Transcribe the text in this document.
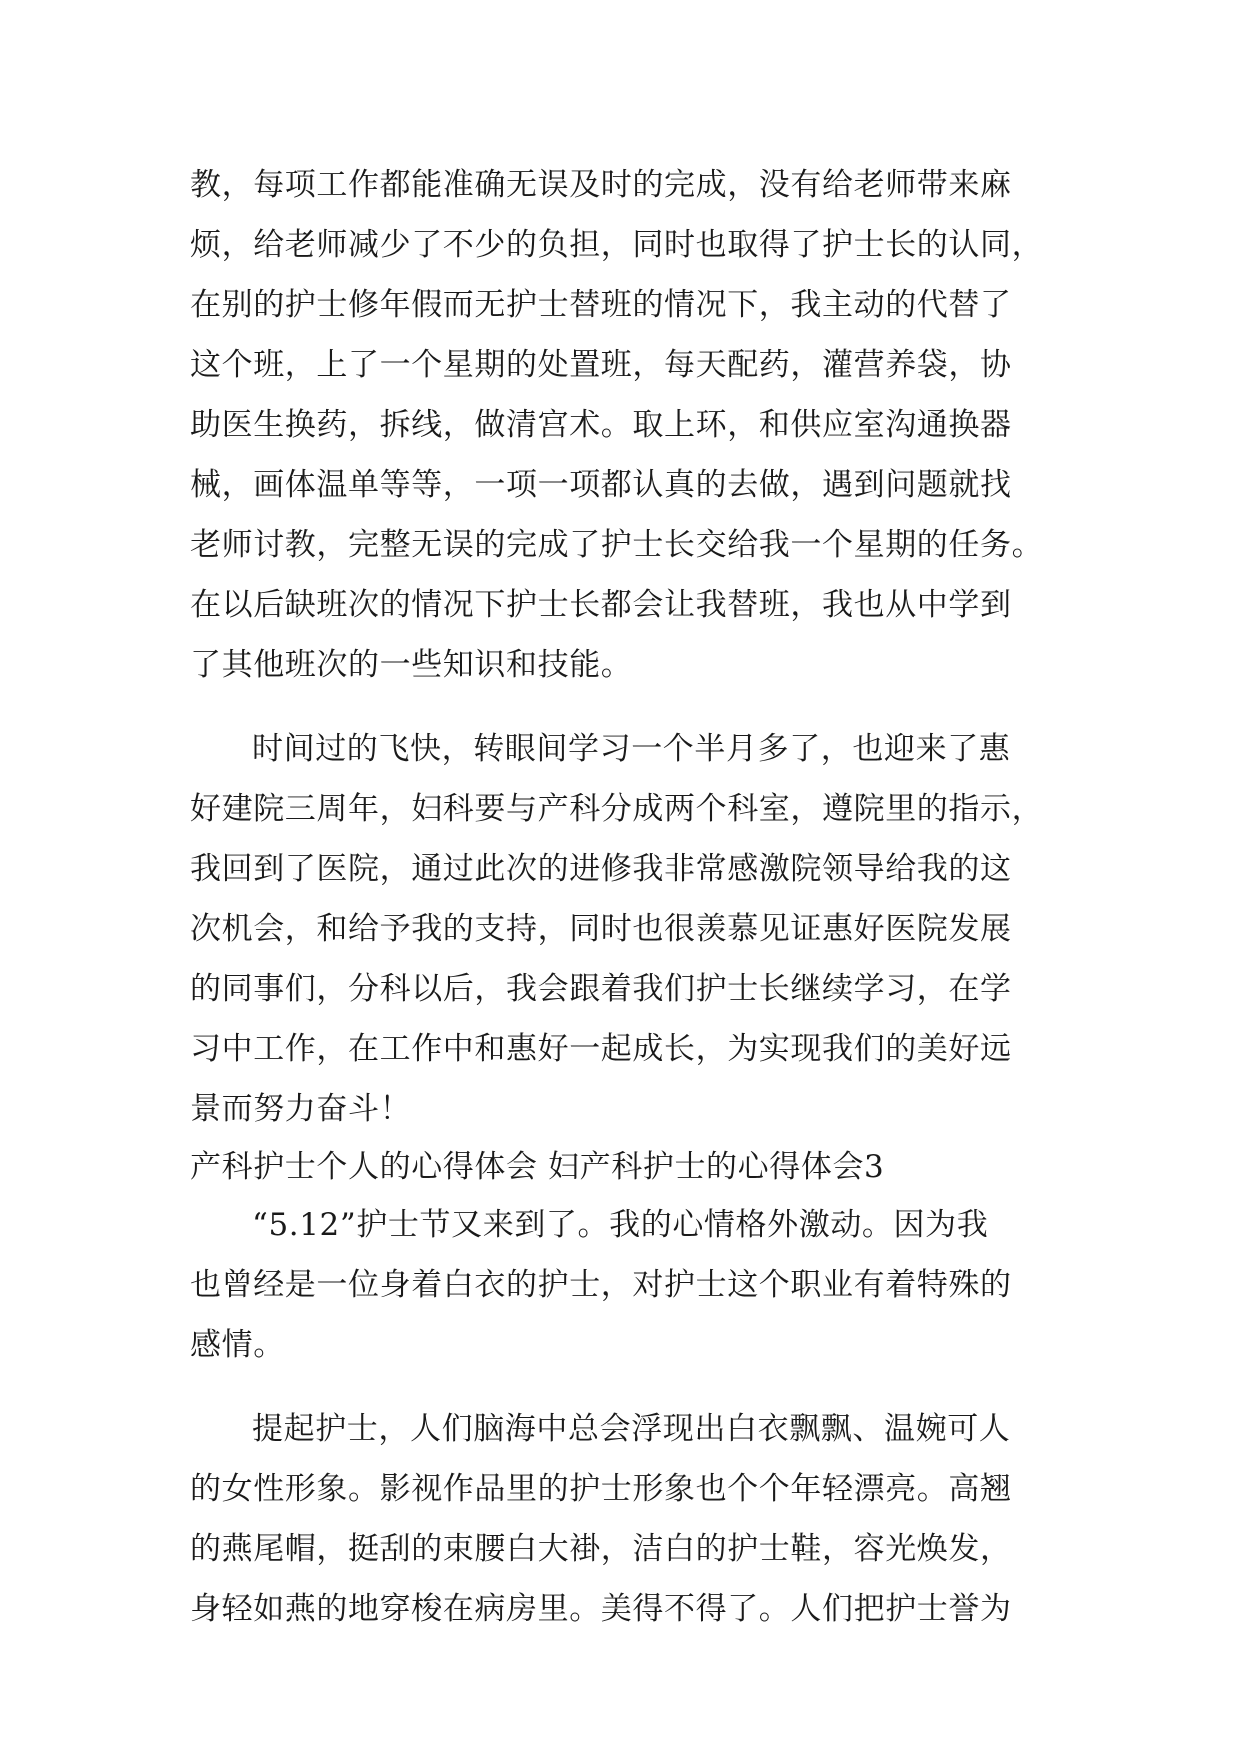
教，每项工作都能准确无误及时的完成，没有给老师带来麻
烦，给老师减少了不少的负担，同时也取得了护士长的认同，
在别的护士修年假而无护士替班的情况下，我主动的代替了
这个班，上了一个星期的处置班，每天配药，灌营养袋，协
助医生换药，拆线，做清宫术。取上环，和供应室沟通换器
械，画体温单等等，一项一项都认真的去做，遇到问题就找
老师讨教，完整无误的完成了护士长交给我一个星期的任务。
在以后缺班次的情况下护士长都会让我替班，我也从中学到
了其他班次的一些知识和技能。
时间过的飞快，转眼间学习一个半月多了，也迎来了惠
好建院三周年，妇科要与产科分成两个科室，遵院里的指示，
我回到了医院，通过此次的进修我非常感激院领导给我的这
次机会，和给予我的支持，同时也很羡慕见证惠好医院发展
的同事们，分科以后，我会跟着我们护士长继续学习，在学
习中工作，在工作中和惠好一起成长，为实现我们的美好远
景而努力奋斗！
产科护士个人的心得体会 妇产科护士的心得体会3
“5.12”护士节又来到了。我的心情格外激动。因为我
也曾经是一位身着白衣的护士，对护士这个职业有着特殊的
感情。
提起护士，人们脑海中总会浮现出白衣飘飘、温婉可人
的女性形象。影视作品里的护士形象也个个年轻漂亮。高翘
的燕尾帽，挺刮的束腰白大褂，洁白的护士鞋，容光焕发，
身轻如燕的地穿梭在病房里。美得不得了。人们把护士誉为
